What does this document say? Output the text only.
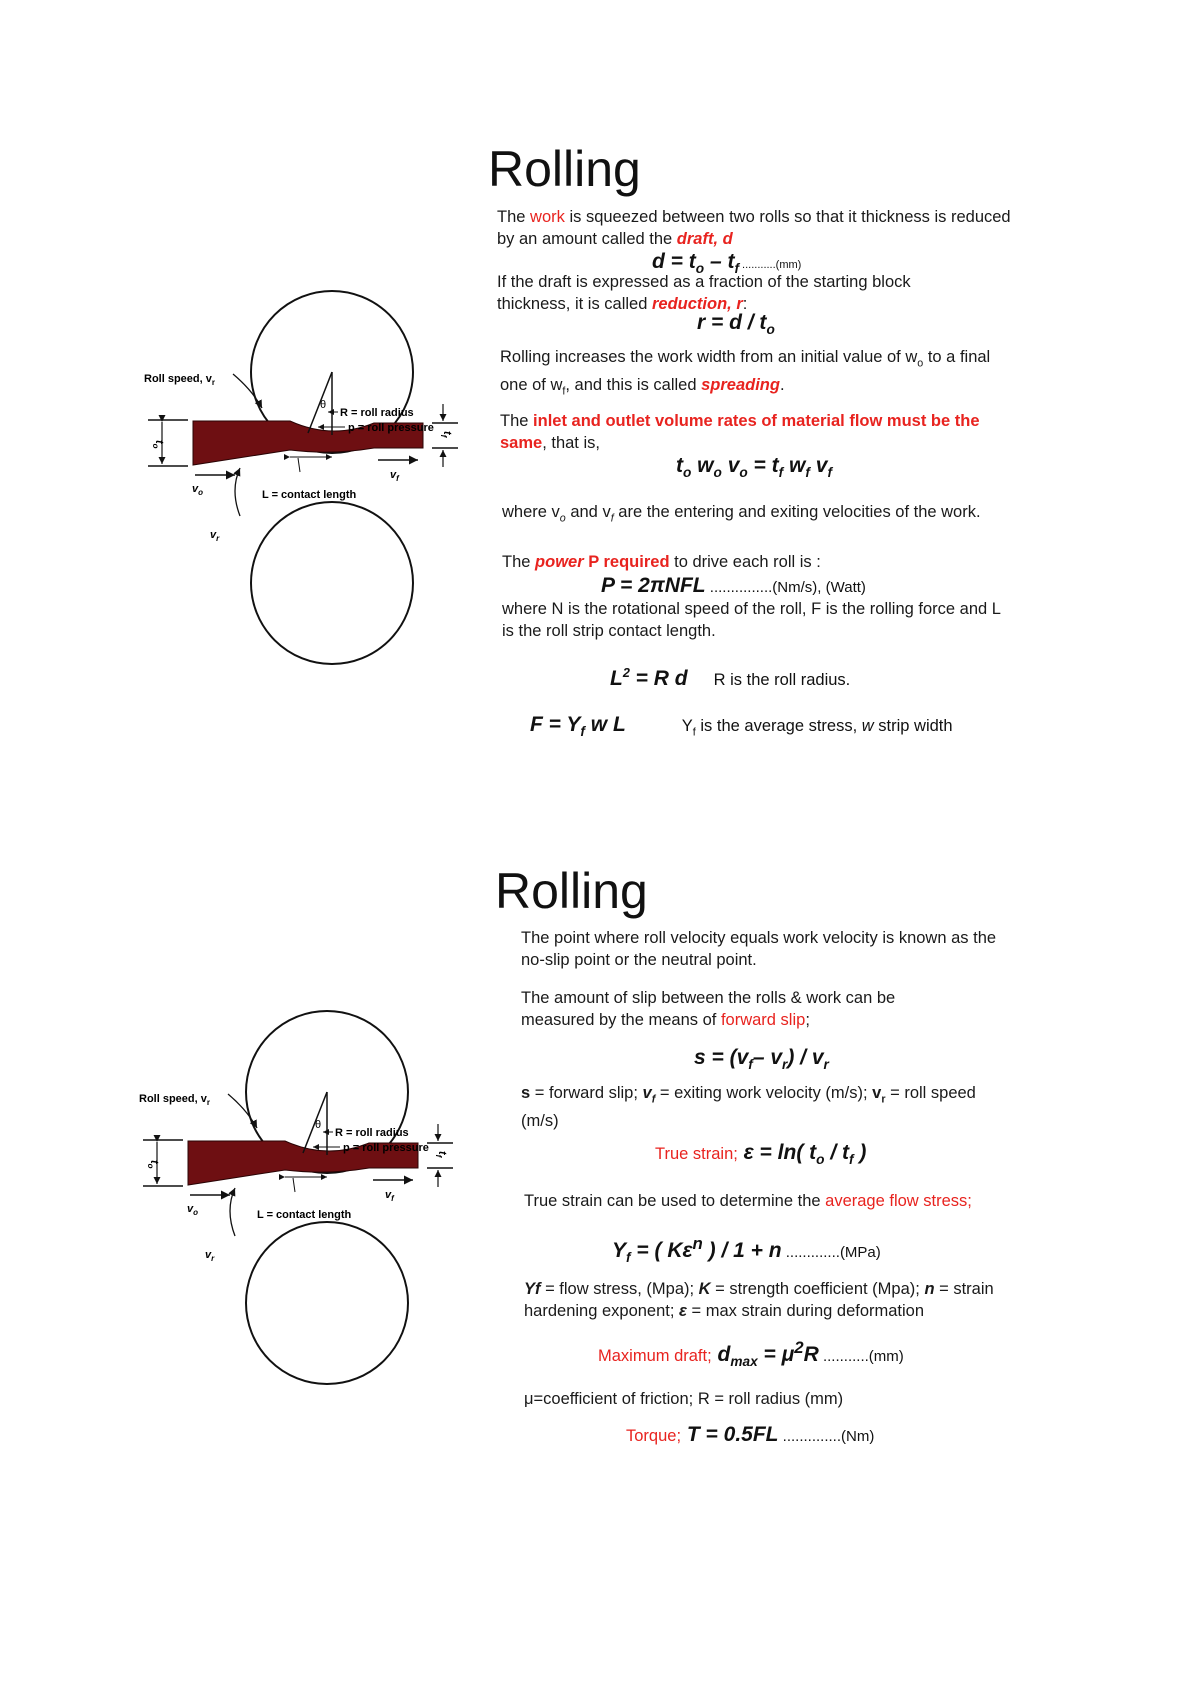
θ
R = roll radius
p = roll pressure
Roll speed, $v_r$
$t_o$
$t_f$
$v_o$
$v_f$
L = contact length
$v_r$
Rolling

The work is squeezed between two rolls so that it thickness is reduced by an amount called the draft, d

$d = t_o - t_f$ ...........(mm)

If the draft is expressed as a fraction of the starting block thickness, it is called reduction, r:

$r = d / t_o$

Rolling increases the work width from an initial value of $w_o$ to a final one of $w_f$, and this is called spreading.

The inlet and outlet volume rates of material flow must be the same, that is,

$t_o$ $w_o$ $v_o = t_f$ $w_f$ $v_f$

where $v_o$ and $v_f$ are the entering and exiting velocities of the work.

The power P required to drive each roll is :

P = 2πNFL ...............(Nm/s), (Watt)

where N is the rotational speed of the roll, F is the rolling force and L is the roll strip contact length.

$L^2 = R$ d R is the roll radius.

$F = Y_f$ w L	$Y_f$ is the average stress, w strip width

θ
R = roll radius
p = roll pressure
Roll speed, $v_r$
$t_o$
$t_f$
$v_o$
$v_f$
L = contact length
$v_r$
Rolling

The point where roll velocity equals work velocity is known as the no-slip point or the neutral point.

The amount of slip between the rolls & work can be measured by the means of forward slip;

$s = (v_f-$ $v_r) / v_r$

s = forward slip; $v_f$ = exiting work velocity (m/s); $v_r$ = roll speed (m/s)

True strain; ε = ln( $t_o / t_f$ )

True strain can be used to determine the average flow stress;

$Y_f$ = ( $K\varepsilon^n$ ) / 1 + n .............(MPa)

Yf = flow stress, (Mpa); K = strength coefficient (Mpa); n = strain hardening exponent; ε = max strain during deformation

Maximum draft; $d_{max} = \mu^2R$ ...........(mm)

μ=coefficient of friction; R = roll radius (mm)

Torque; T = 0.5FL ..............(Nm)
